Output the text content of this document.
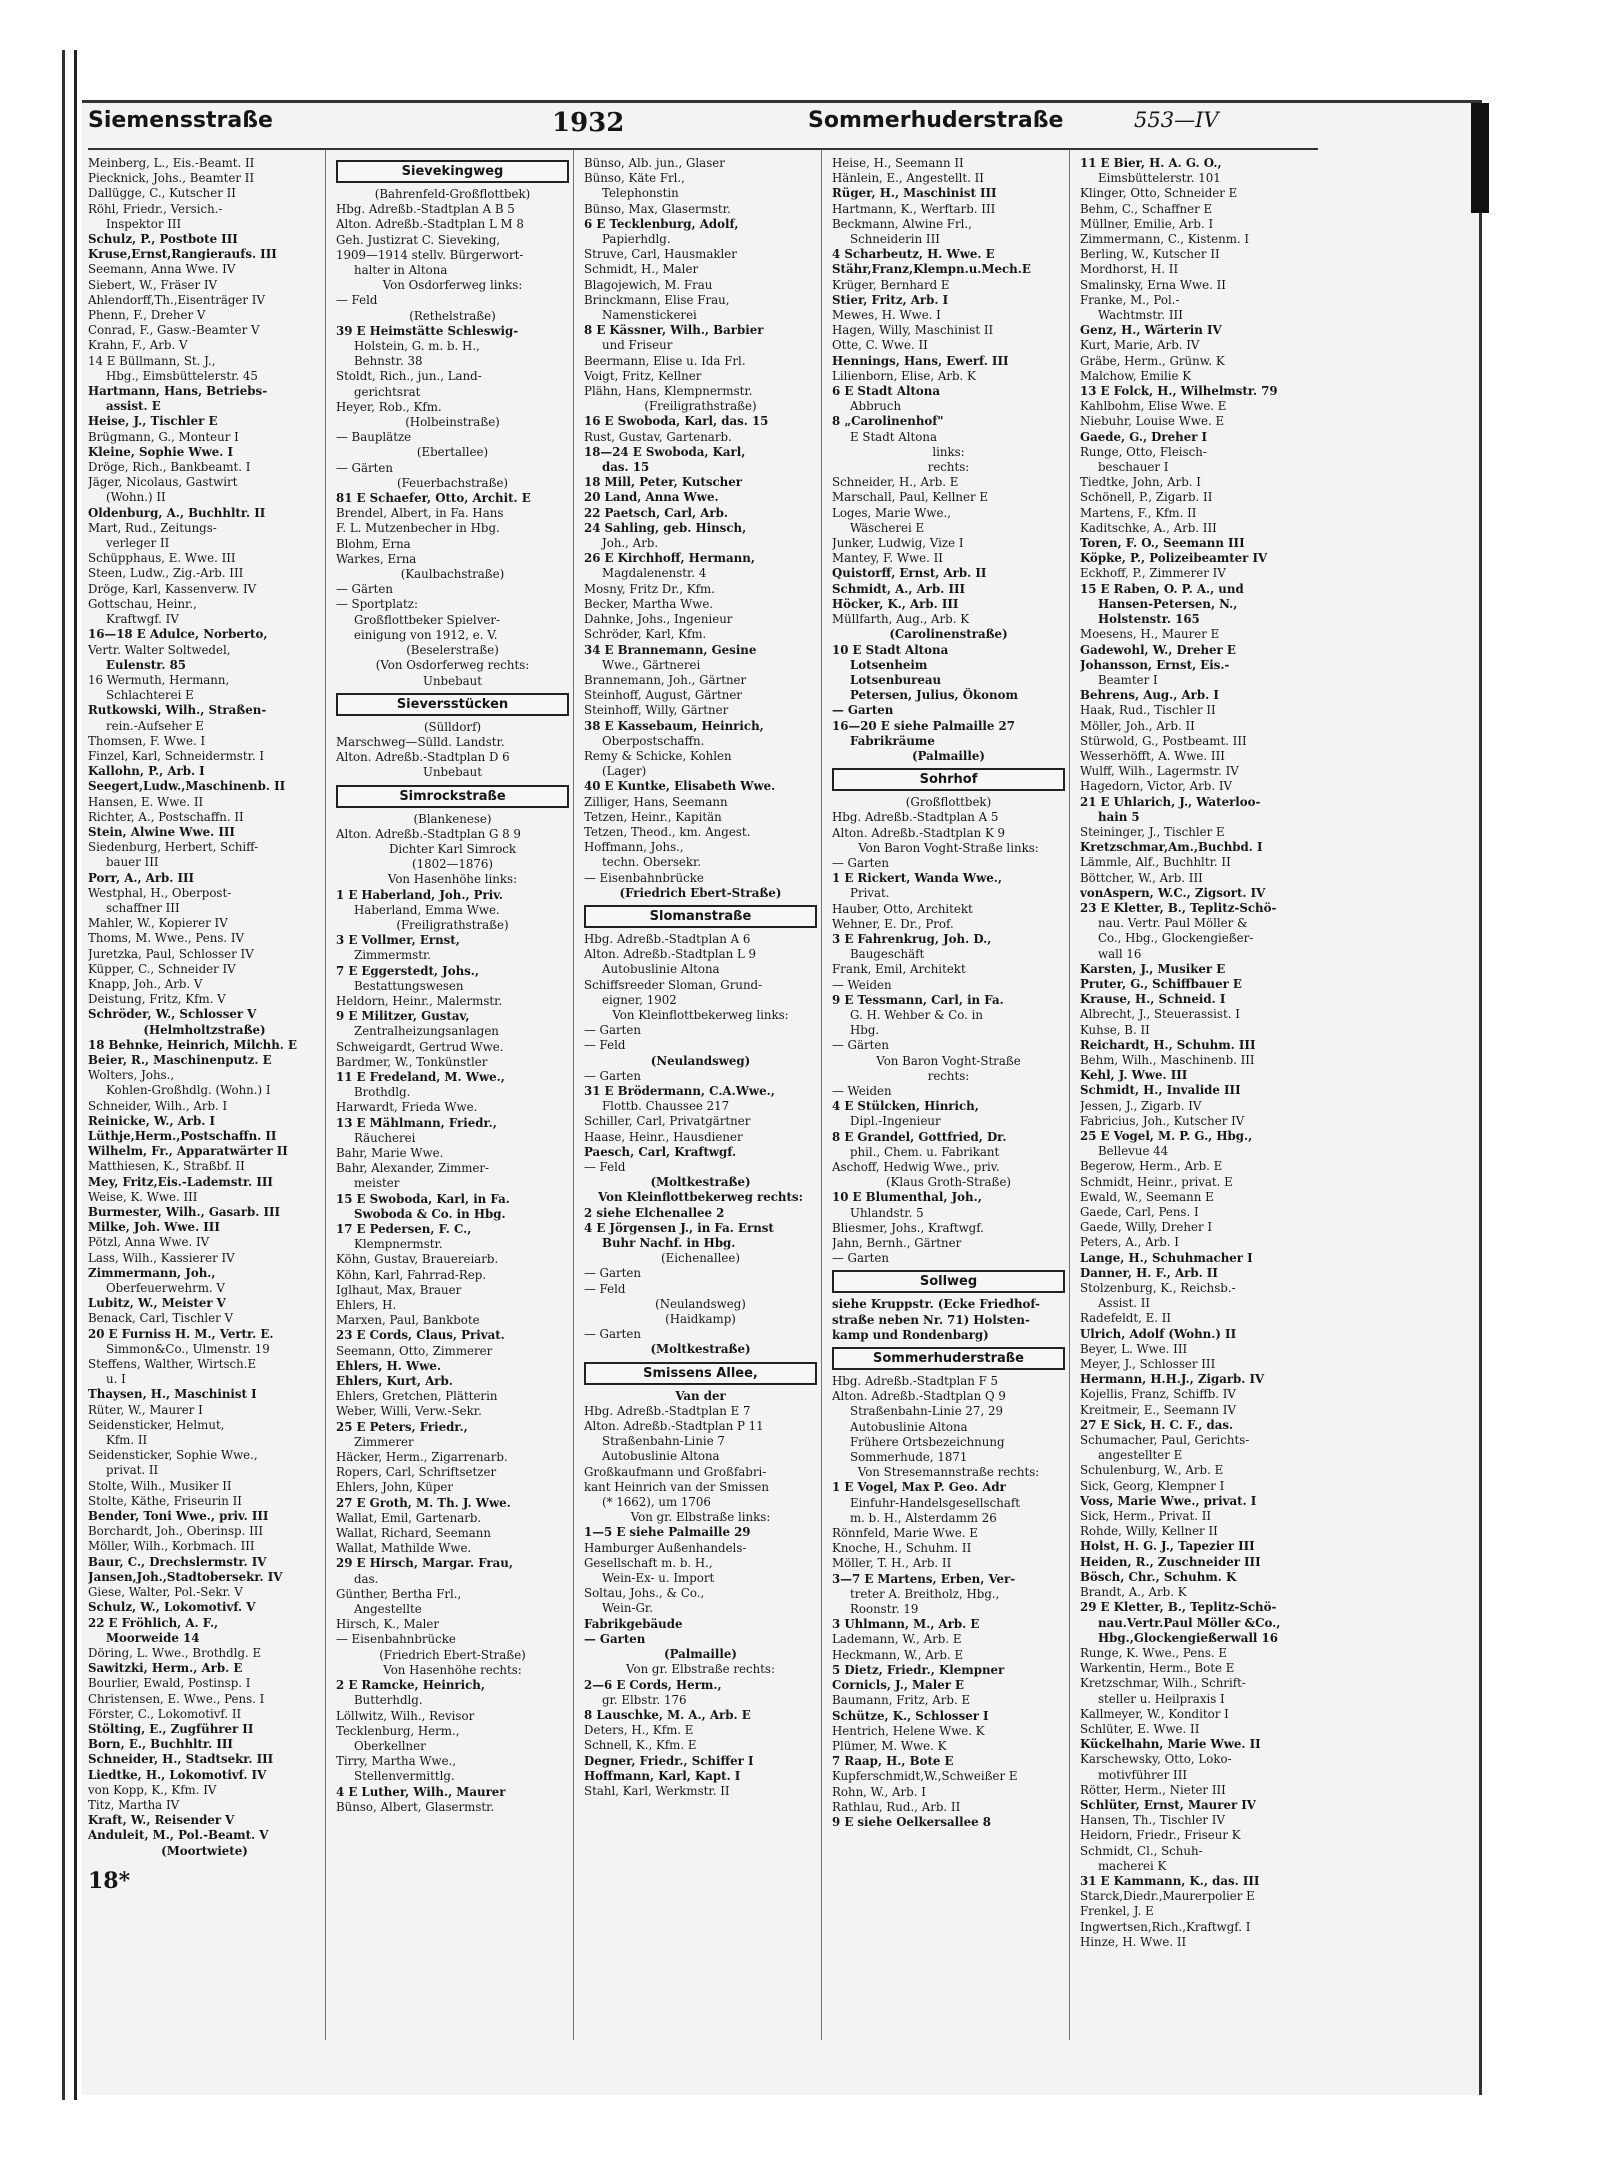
Siemensstraße	1932	Sommerhuderstraße	553—IV
Meinberg, L., Eis.-Beamt. II
Piecknick, Johs., Beamter II
Dallügge, C., Kutscher II
Röhl, Friedr., Versich.-
Inspektor III
Schulz, P., Postbote III
Kruse,Ernst,Rangieraufs. III
Seemann, Anna Wwe. IV
Siebert, W., Fräser IV
Ahlendorff,Th.,Eisenträger IV
Phenn, F., Dreher V
Conrad, F., Gasw.-Beamter V
Krahn, F., Arb. V
14 E Büllmann, St. J.,
Hbg., Eimsbüttelerstr. 45
Hartmann, Hans, Betriebs-
assist. E
Heise, J., Tischler E
Brügmann, G., Monteur I
Kleine, Sophie Wwe. I
Dröge, Rich., Bankbeamt. I
Jäger, Nicolaus, Gastwirt
(Wohn.) II
Oldenburg, A., Buchhltr. II
Mart, Rud., Zeitungs-
verleger II
Schüpphaus, E. Wwe. III
Steen, Ludw., Zig.-Arb. III
Dröge, Karl, Kassenverw. IV
Gottschau, Heinr.,
Kraftwgf. IV
16—18 E Adulce, Norberto,
Vertr. Walter Soltwedel,
Eulenstr. 85
16 Wermuth, Hermann,
Schlachterei E
Rutkowski, Wilh., Straßen-
rein.-Aufseher E
Thomsen, F. Wwe. I
Finzel, Karl, Schneidermstr. I
Kallohn, P., Arb. I
Seegert,Ludw.,Maschinenb. II
Hansen, E. Wwe. II
Richter, A., Postschaffn. II
Stein, Alwine Wwe. III
Siedenburg, Herbert, Schiff-
bauer III
Porr, A., Arb. III
Westphal, H., Oberpost-
schaffner III
Mahler, W., Kopierer IV
Thoms, M. Wwe., Pens. IV
Juretzka, Paul, Schlosser IV
Küpper, C., Schneider IV
Knapp, Joh., Arb. V
Deistung, Fritz, Kfm. V
Schröder, W., Schlosser V
(Helmholtzstraße)
18 Behnke, Heinrich, Milchh. E
Beier, R., Maschinenputz. E
Wolters, Johs.,
Kohlen-Großhdlg. (Wohn.) I
Schneider, Wilh., Arb. I
Reinicke, W., Arb. I
Lüthje,Herm.,Postschaffn. II
Wilhelm, Fr., Apparatwärter II
Matthiesen, K., Straßbf. II
Mey, Fritz,Eis.-Lademstr. III
Weise, K. Wwe. III
Burmester, Wilh., Gasarb. III
Milke, Joh. Wwe. III
Pötzl, Anna Wwe. IV
Lass, Wilh., Kassierer IV
Zimmermann, Joh.,
Oberfeuerwehrm. V
Lubitz, W., Meister V
Benack, Carl, Tischler V
20 E Furniss H. M., Vertr. E.
Simmon&Co., Ulmenstr. 19
Steffens, Walther, Wirtsch.E
u. I
Thaysen, H., Maschinist I
Rüter, W., Maurer I
Seidensticker, Helmut,
Kfm. II
Seidensticker, Sophie Wwe.,
privat. II
Stolte, Wilh., Musiker II
Stolte, Käthe, Friseurin II
Bender, Toni Wwe., priv. III
Borchardt, Joh., Oberinsp. III
Möller, Wilh., Korbmach. III
Baur, C., Drechslermstr. IV
Jansen,Joh.,Stadtobersekr. IV
Giese, Walter, Pol.-Sekr. V
Schulz, W., Lokomotivf. V
22 E Fröhlich, A. F.,
Moorweide 14
Döring, L. Wwe., Brothdlg. E
Sawitzki, Herm., Arb. E
Bourlier, Ewald, Postinsp. I
Christensen, E. Wwe., Pens. I
Förster, C., Lokomotivf. II
Stölting, E., Zugführer II
Born, E., Buchhltr. III
Schneider, H., Stadtsekr. III
Liedtke, H., Lokomotivf. IV
von Kopp, K., Kfm. IV
Titz, Martha IV
Kraft, W., Reisender V
Anduleit, M., Pol.-Beamt. V
(Moortwiete)
18*
Sievekingweg
(Bahrenfeld-Großflottbek)
Hbg. Adreßb.-Stadtplan A B 5
Alton. Adreßb.-Stadtplan L M 8
Geh. Justizrat C. Sieveking,
1909—1914 stellv. Bürgerwort-
halter in Altona
Von Osdorferweg links:
— Feld
(Rethelstraße)
39 E Heimstätte Schleswig-
Holstein, G. m. b. H.,
Behnstr. 38
Stoldt, Rich., jun., Land-
gerichtsrat
Heyer, Rob., Kfm.
(Holbeinstraße)
— Bauplätze
(Ebertallee)
— Gärten
(Feuerbachstraße)
81 E Schaefer, Otto, Archit. E
Brendel, Albert, in Fa. Hans
F. L. Mutzenbecher in Hbg.
Blohm, Erna
Warkes, Erna
(Kaulbachstraße)
— Gärten
— Sportplatz:
Großflottbeker Spielver-
einigung von 1912, e. V.
(Beselerstraße)
(Von Osdorferweg rechts:
Unbebaut
Sieversstücken
(Sülldorf)
Marschweg—Sülld. Landstr.
Alton. Adreßb.-Stadtplan D 6
Unbebaut
Simrockstraße
(Blankenese)
Alton. Adreßb.-Stadtplan G 8 9
Dichter Karl Simrock
(1802—1876)
Von Hasenhöhe links:
1 E Haberland, Joh., Priv.
Haberland, Emma Wwe.
(Freiligrathstraße)
3 E Vollmer, Ernst,
Zimmermstr.
7 E Eggerstedt, Johs.,
Bestattungswesen
Heldorn, Heinr., Malermstr.
9 E Militzer, Gustav,
Zentralheizungsanlagen
Schweigardt, Gertrud Wwe.
Bardmer, W., Tonkünstler
11 E Fredeland, M. Wwe.,
Brothdlg.
Harwardt, Frieda Wwe.
13 E Mählmann, Friedr.,
Räucherei
Bahr, Marie Wwe.
Bahr, Alexander, Zimmer-
meister
15 E Swoboda, Karl, in Fa.
Swoboda & Co. in Hbg.
17 E Pedersen, F. C.,
Klempnermstr.
Köhn, Gustav, Brauereiarb.
Köhn, Karl, Fahrrad-Rep.
Iglhaut, Max, Brauer
Ehlers, H.
Marxen, Paul, Bankbote
23 E Cords, Claus, Privat.
Seemann, Otto, Zimmerer
Ehlers, H. Wwe.
Ehlers, Kurt, Arb.
Ehlers, Gretchen, Plätterin
Weber, Willi, Verw.-Sekr.
25 E Peters, Friedr.,
Zimmerer
Häcker, Herm., Zigarrenarb.
Ropers, Carl, Schriftsetzer
Ehlers, John, Küper
27 E Groth, M. Th. J. Wwe.
Wallat, Emil, Gartenarb.
Wallat, Richard, Seemann
Wallat, Mathilde Wwe.
29 E Hirsch, Margar. Frau,
das.
Günther, Bertha Frl.,
Angestellte
Hirsch, K., Maler
— Eisenbahnbrücke
(Friedrich Ebert-Straße)
Von Hasenhöhe rechts:
2 E Ramcke, Heinrich,
Butterhdlg.
Löllwitz, Wilh., Revisor
Tecklenburg, Herm.,
Oberkellner
Tirry, Martha Wwe.,
Stellenvermittlg.
4 E Luther, Wilh., Maurer
Bünso, Albert, Glasermstr.
Bünso, Alb. jun., Glaser
Bünso, Käte Frl.,
Telephonstin
Bünso, Max, Glasermstr.
6 E Tecklenburg, Adolf,
Papierhdlg.
Struve, Carl, Hausmakler
Schmidt, H., Maler
Blagojewich, M. Frau
Brinckmann, Elise Frau,
Namenstickerei
8 E Kässner, Wilh., Barbier
und Friseur
Beermann, Elise u. Ida Frl.
Voigt, Fritz, Kellner
Plähn, Hans, Klempnermstr.
(Freiligrathstraße)
16 E Swoboda, Karl, das. 15
Rust, Gustav, Gartenarb.
18—24 E Swoboda, Karl,
das. 15
18 Mill, Peter, Kutscher
20 Land, Anna Wwe.
22 Paetsch, Carl, Arb.
24 Sahling, geb. Hinsch,
Joh., Arb.
26 E Kirchhoff, Hermann,
Magdalenenstr. 4
Mosny, Fritz Dr., Kfm.
Becker, Martha Wwe.
Dahnke, Johs., Ingenieur
Schröder, Karl, Kfm.
34 E Brannemann, Gesine
Wwe., Gärtnerei
Brannemann, Joh., Gärtner
Steinhoff, August, Gärtner
Steinhoff, Willy, Gärtner
38 E Kassebaum, Heinrich,
Oberpostschaffn.
Remy & Schicke, Kohlen
(Lager)
40 E Kuntke, Elisabeth Wwe.
Zilliger, Hans, Seemann
Tetzen, Heinr., Kapitän
Tetzen, Theod., km. Angest.
Hoffmann, Johs.,
techn. Obersekr.
— Eisenbahnbrücke
(Friedrich Ebert-Straße)
Slomanstraße
Hbg. Adreßb.-Stadtplan A 6
Alton. Adreßb.-Stadtplan L 9
Autobuslinie Altona
Schiffsreeder Sloman, Grund-
eigner, 1902
Von Kleinflottbekerweg links:
— Garten
— Feld
(Neulandsweg)
— Garten
31 E Brödermann, C.A.Wwe.,
Flottb. Chaussee 217
Schiller, Carl, Privatgärtner
Haase, Heinr., Hausdiener
Paesch, Carl, Kraftwgf.
— Feld
(Moltkestraße)
Von Kleinflottbekerweg rechts:
2 siehe Elchenallee 2
4 E Jörgensen J., in Fa. Ernst
Buhr Nachf. in Hbg.
(Eichenallee)
— Garten
— Feld
(Neulandsweg)
(Haidkamp)
— Garten
(Moltkestraße)
Smissens Allee,
Van der
Hbg. Adreßb.-Stadtplan E 7
Alton. Adreßb.-Stadtplan P 11
Straßenbahn-Linie 7
Autobuslinie Altona
Großkaufmann und Großfabri-
kant Heinrich van der Smissen
(* 1662), um 1706
Von gr. Elbstraße links:
1—5 E siehe Palmaille 29
Hamburger Außenhandels-
Gesellschaft m. b. H.,
Wein-Ex- u. Import
Soltau, Johs., & Co.,
Wein-Gr.
Fabrikgebäude
— Garten
(Palmaille)
Von gr. Elbstraße rechts:
2—6 E Cords, Herm.,
gr. Elbstr. 176
8 Lauschke, M. A., Arb. E
Deters, H., Kfm. E
Schnell, K., Kfm. E
Degner, Friedr., Schiffer I
Hoffmann, Karl, Kapt. I
Stahl, Karl, Werkmstr. II
Heise, H., Seemann II
Hänlein, E., Angestellt. II
Rüger, H., Maschinist III
Hartmann, K., Werftarb. III
Beckmann, Alwine Frl.,
Schneiderin III
4 Scharbeutz, H. Wwe. E
Stähr,Franz,Klempn.u.Mech.E
Krüger, Bernhard E
Stier, Fritz, Arb. I
Mewes, H. Wwe. I
Hagen, Willy, Maschinist II
Otte, C. Wwe. II
Hennings, Hans, Ewerf. III
Lilienborn, Elise, Arb. K
6 E Stadt Altona
Abbruch
8 „Carolinenhof"
E Stadt Altona
links:
rechts:
Schneider, H., Arb. E
Marschall, Paul, Kellner E
Loges, Marie Wwe.,
Wäscherei E
Junker, Ludwig, Vize I
Mantey, F. Wwe. II
Quistorff, Ernst, Arb. II
Schmidt, A., Arb. III
Höcker, K., Arb. III
Müllfarth, Aug., Arb. K
(Carolinenstraße)
10 E Stadt Altona
Lotsenheim
Lotsenbureau
Petersen, Julius, Ökonom
— Garten
16—20 E siehe Palmaille 27
Fabrikräume
(Palmaille)
Sohrhof
(Großflottbek)
Hbg. Adreßb.-Stadtplan A 5
Alton. Adreßb.-Stadtplan K 9
Von Baron Voght-Straße links:
— Garten
1 E Rickert, Wanda Wwe.,
Privat.
Hauber, Otto, Architekt
Wehner, E. Dr., Prof.
3 E Fahrenkrug, Joh. D.,
Baugeschäft
Frank, Emil, Architekt
— Weiden
9 E Tessmann, Carl, in Fa.
G. H. Wehber & Co. in
Hbg.
— Gärten
Von Baron Voght-Straße
rechts:
— Weiden
4 E Stülcken, Hinrich,
Dipl.-Ingenieur
8 E Grandel, Gottfried, Dr.
phil., Chem. u. Fabrikant
Aschoff, Hedwig Wwe., priv.
(Klaus Groth-Straße)
10 E Blumenthal, Joh.,
Uhlandstr. 5
Bliesmer, Johs., Kraftwgf.
Jahn, Bernh., Gärtner
— Garten
Sollweg
siehe Kruppstr. (Ecke Friedhof-
straße neben Nr. 71) Holsten-
kamp und Rondenbarg)
Sommerhuderstraße
Hbg. Adreßb.-Stadtplan F 5
Alton. Adreßb.-Stadtplan Q 9
Straßenbahn-Linie 27, 29
Autobuslinie Altona
Frühere Ortsbezeichnung
Sommerhude, 1871
Von Stresemannstraße rechts:
1 E Vogel, Max P. Geo. Adr
Einfuhr-Handelsgesellschaft
m. b. H., Alsterdamm 26
Rönnfeld, Marie Wwe. E
Knoche, H., Schuhm. II
Möller, T. H., Arb. II
3—7 E Martens, Erben, Ver-
treter A. Breitholz, Hbg.,
Roonstr. 19
3 Uhlmann, M., Arb. E
Lademann, W., Arb. E
Heckmann, W., Arb. E
5 Dietz, Friedr., Klempner
Cornicls, J., Maler E
Baumann, Fritz, Arb. E
Schütze, K., Schlosser I
Hentrich, Helene Wwe. K
Plümer, M. Wwe. K
7 Raap, H., Bote E
Kupferschmidt,W.,Schweißer E
Rohn, W., Arb. I
Rathlau, Rud., Arb. II
9 E siehe Oelkersallee 8
11 E Bier, H. A. G. O.,
Eimsbüttelerstr. 101
Klinger, Otto, Schneider E
Behm, C., Schaffner E
Müllner, Emilie, Arb. I
Zimmermann, C., Kistenm. I
Berling, W., Kutscher II
Mordhorst, H. II
Smalinsky, Erna Wwe. II
Franke, M., Pol.-
Wachtmstr. III
Genz, H., Wärterin IV
Kurt, Marie, Arb. IV
Gräbe, Herm., Grünw. K
Malchow, Emilie K
13 E Folck, H., Wilhelmstr. 79
Kahlbohm, Elise Wwe. E
Niebuhr, Louise Wwe. E
Gaede, G., Dreher I
Runge, Otto, Fleisch-
beschauer I
Tiedtke, John, Arb. I
Schönell, P., Zigarb. II
Martens, F., Kfm. II
Kaditschke, A., Arb. III
Toren, F. O., Seemann III
Köpke, P., Polizeibeamter IV
Eckhoff, P., Zimmerer IV
15 E Raben, O. P. A., und
Hansen-Petersen, N.,
Holstenstr. 165
Moesens, H., Maurer E
Gadewohl, W., Dreher E
Johansson, Ernst, Eis.-
Beamter I
Behrens, Aug., Arb. I
Haak, Rud., Tischler II
Möller, Joh., Arb. II
Stürwold, G., Postbeamt. III
Wesserhöfft, A. Wwe. III
Wulff, Wilh., Lagermstr. IV
Hagedorn, Victor, Arb. IV
21 E Uhlarich, J., Waterloo-
hain 5
Steininger, J., Tischler E
Kretzschmar,Am.,Buchbd. I
Lämmle, Alf., Buchhltr. II
Böttcher, W., Arb. III
vonAspern, W.C., Zigsort. IV
23 E Kletter, B., Teplitz-Schö-
nau. Vertr. Paul Möller &
Co., Hbg., Glockengießer-
wall 16
Karsten, J., Musiker E
Pruter, G., Schiffbauer E
Krause, H., Schneid. I
Albrecht, J., Steuerassist. I
Kuhse, B. II
Reichardt, H., Schuhm. III
Behm, Wilh., Maschinenb. III
Kehl, J. Wwe. III
Schmidt, H., Invalide III
Jessen, J., Zigarb. IV
Fabricius, Joh., Kutscher IV
25 E Vogel, M. P. G., Hbg.,
Bellevue 44
Begerow, Herm., Arb. E
Schmidt, Heinr., privat. E
Ewald, W., Seemann E
Gaede, Carl, Pens. I
Gaede, Willy, Dreher I
Peters, A., Arb. I
Lange, H., Schuhmacher I
Danner, H. F., Arb. II
Stolzenburg, K., Reichsb.-
Assist. II
Radefeldt, E. II
Ulrich, Adolf (Wohn.) II
Beyer, L. Wwe. III
Meyer, J., Schlosser III
Hermann, H.H.J., Zigarb. IV
Kojellis, Franz, Schiffb. IV
Kreitmeir, E., Seemann IV
27 E Sick, H. C. F., das.
Schumacher, Paul, Gerichts-
angestellter E
Schulenburg, W., Arb. E
Sick, Georg, Klempner I
Voss, Marie Wwe., privat. I
Sick, Herm., Privat. II
Rohde, Willy, Kellner II
Holst, H. G. J., Tapezier III
Heiden, R., Zuschneider III
Bösch, Chr., Schuhm. K
Brandt, A., Arb. K
29 E Kletter, B., Teplitz-Schö-
nau.Vertr.Paul Möller &Co.,
Hbg.,Glockengießerwall 16
Runge, K. Wwe., Pens. E
Warkentin, Herm., Bote E
Kretzschmar, Wilh., Schrift-
steller u. Heilpraxis I
Kallmeyer, W., Konditor I
Schlüter, E. Wwe. II
Kückelhahn, Marie Wwe. II
Karschewsky, Otto, Loko-
motivführer III
Rötter, Herm., Nieter III
Schlüter, Ernst, Maurer IV
Hansen, Th., Tischler IV
Heidorn, Friedr., Friseur K
Schmidt, Cl., Schuh-
macherei K
31 E Kammann, K., das. III
Starck,Diedr.,Maurerpolier E
Frenkel, J. E
Ingwertsen,Rich.,Kraftwgf. I
Hinze, H. Wwe. II
